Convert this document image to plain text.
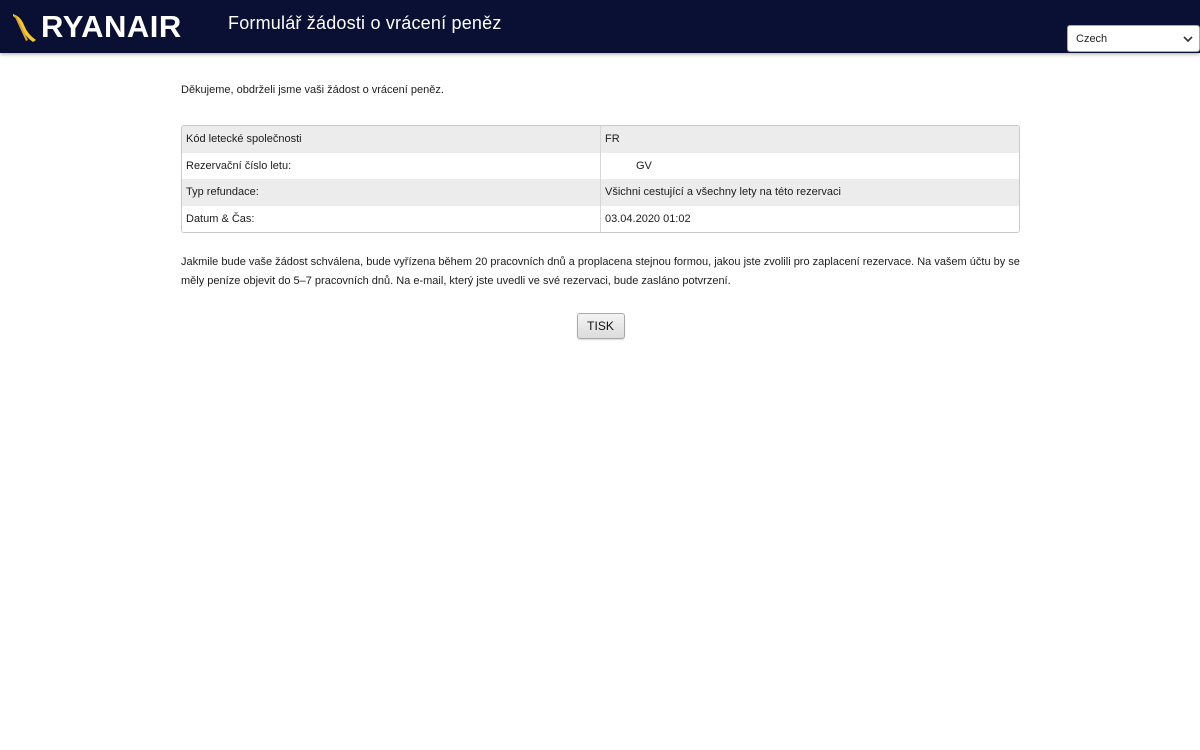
RYANAIR	Formulář žádosti o vrácení peněz
Czech

Děkujeme, obdrželi jsme vaši žádost o vrácení peněz.

Kód letecké společnosti	FR
Rezervační číslo letu:	GV
Typ refundace:	Všichni cestující a všechny lety na této rezervaci
Datum & Čas:	03.04.2020 01:02
Jakmile bude vaše žádost schválena, bude vyřízena během 20 pracovních dnů a proplacena stejnou formou, jakou jste zvolili pro zaplacení rezervace. Na vašem účtu by se měly peníze objevit do 5–7 pracovních dnů. Na e-mail, který jste uvedli ve své rezervaci, bude zasláno potvrzení.
TISK
